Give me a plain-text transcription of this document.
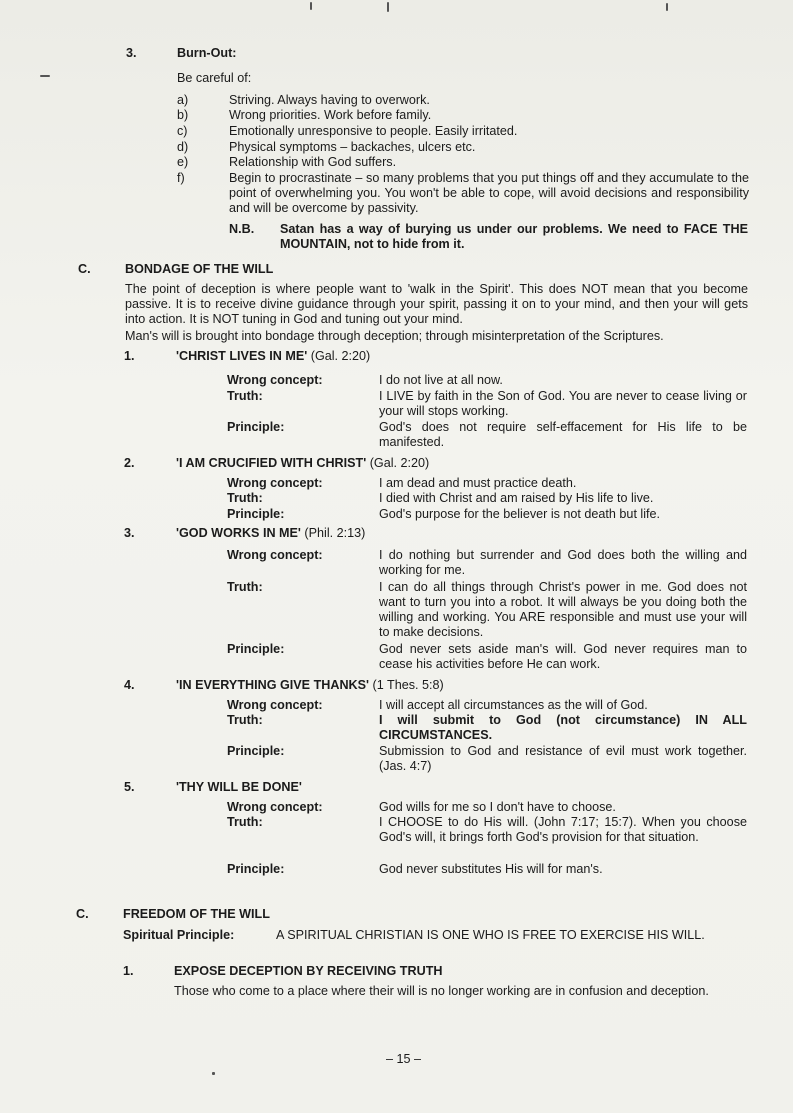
3.	Burn-Out:
Be careful of:
a)	Striving. Always having to overwork.
b)	Wrong priorities. Work before family.
c)	Emotionally unresponsive to people. Easily irritated.
d)	Physical symptoms – backaches, ulcers etc.
e)	Relationship with God suffers.
f)	Begin to procrastinate – so many problems that you put things off and they accumulate to the point of overwhelming you. You won't be able to cope, will avoid decisions and responsibility and will be overcome by passivity.
N.B. Satan has a way of burying us under our problems. We need to FACE THE MOUNTAIN, not to hide from it.
C.	BONDAGE OF THE WILL
The point of deception is where people want to 'walk in the Spirit'. This does NOT mean that you become passive. It is to receive divine guidance through your spirit, passing it on to your mind, and then your will gets into action. It is NOT tuning in God and tuning out your mind.
Man's will is brought into bondage through deception; through misinterpretation of the Scriptures.
1.	'CHRIST LIVES IN ME' (Gal. 2:20)
Wrong concept:	I do not live at all now.
Truth:	I LIVE by faith in the Son of God. You are never to cease living or your will stops working.
Principle:	God's does not require self-effacement for His life to be manifested.
2.	'I AM CRUCIFIED WITH CHRIST' (Gal. 2:20)
Wrong concept:	I am dead and must practice death.
Truth:	I died with Christ and am raised by His life to live.
Principle:	God's purpose for the believer is not death but life.
3.	'GOD WORKS IN ME' (Phil. 2:13)
Wrong concept:	I do nothing but surrender and God does both the willing and working for me.
Truth:	I can do all things through Christ's power in me. God does not want to turn you into a robot. It will always be you doing both the willing and working. You ARE responsible and must use your will to make decisions.
Principle:	God never sets aside man's will. God never requires man to cease his activities before He can work.
4.	'IN EVERYTHING GIVE THANKS' (1 Thes. 5:8)
Wrong concept:	I will accept all circumstances as the will of God.
Truth:	I will submit to God (not circumstance) IN ALL CIRCUMSTANCES.
Principle:	Submission to God and resistance of evil must work together. (Jas. 4:7)
5.	'THY WILL BE DONE'
Wrong concept:	God wills for me so I don't have to choose.
Truth:	I CHOOSE to do His will. (John 7:17; 15:7). When you choose God's will, it brings forth God's provision for that situation.
Principle:	God never substitutes His will for man's.
C.	FREEDOM OF THE WILL
Spiritual Principle:	A SPIRITUAL CHRISTIAN IS ONE WHO IS FREE TO EXERCISE HIS WILL.
1.	EXPOSE DECEPTION BY RECEIVING TRUTH
Those who come to a place where their will is no longer working are in confusion and deception.
– 15 –
